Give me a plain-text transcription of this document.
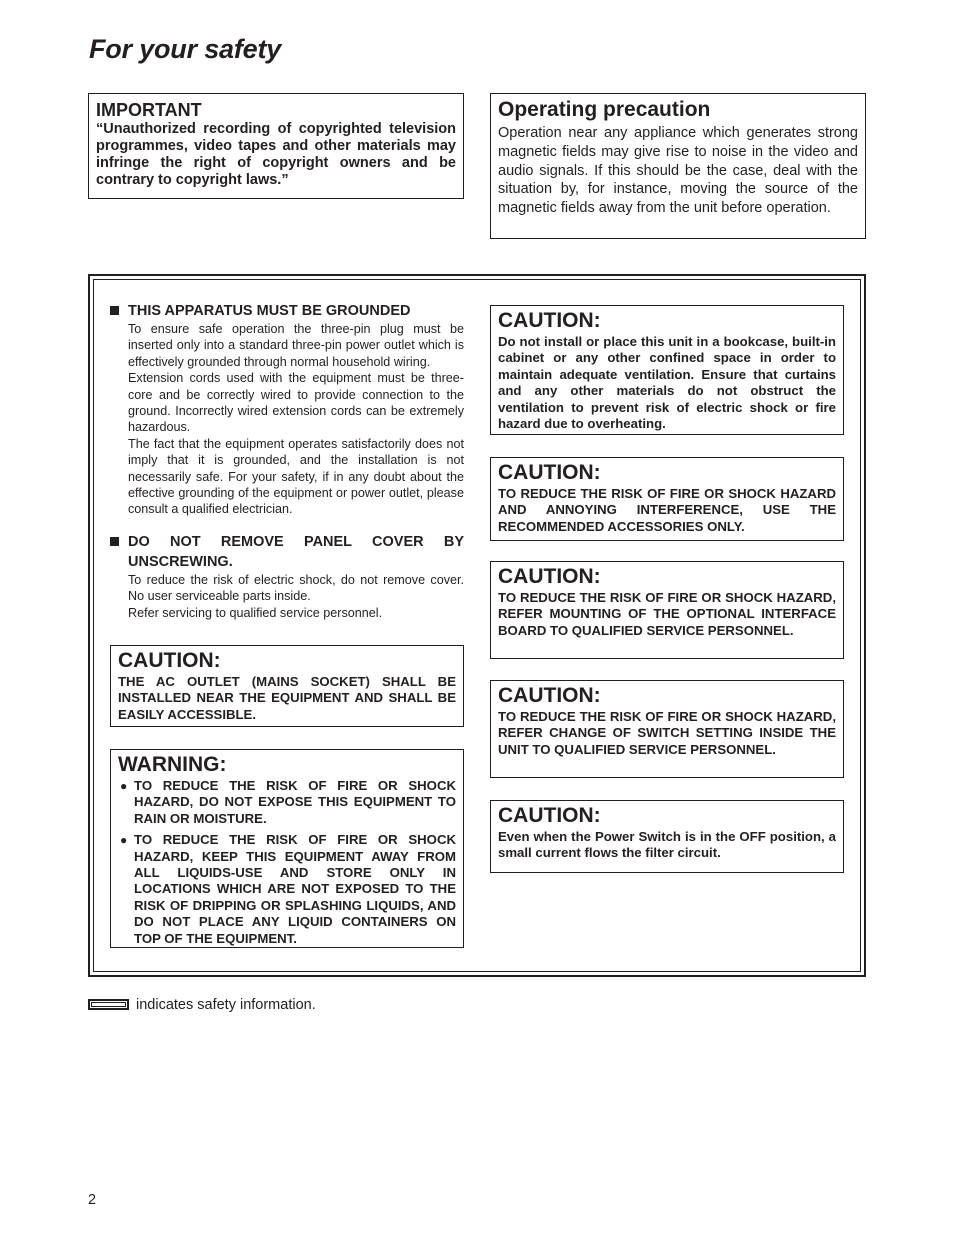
For your safety
IMPORTANT
“Unauthorized recording of copyrighted television programmes, video tapes and other materials may infringe the right of copyright owners and be contrary to copyright laws.”
Operating precaution
Operation near any appliance which generates strong magnetic fields may give rise to noise in the video and audio signals. If this should be the case, deal with the situation by, for instance, moving the source of the magnetic fields away from the unit before operation.
THIS APPARATUS MUST BE GROUNDED
To ensure safe operation the three-pin plug must be inserted only into a standard three-pin power outlet which is effectively grounded through normal household wiring.
Extension cords used with the equipment must be three-core and be correctly wired to provide connection to the ground. Incorrectly wired extension cords can be extremely hazardous.
The fact that the equipment operates satisfactorily does not imply that it is grounded, and the installation is not necessarily safe. For your safety, if in any doubt about the effective grounding of the equipment or power outlet, please consult a qualified electrician.
DO NOT REMOVE PANEL COVER BY UNSCREWING.
To reduce the risk of electric shock, do not remove cover. No user serviceable parts inside.
Refer servicing to qualified service personnel.
CAUTION:
THE AC OUTLET (MAINS SOCKET) SHALL BE INSTALLED NEAR THE EQUIPMENT AND SHALL BE EASILY ACCESSIBLE.
WARNING:
● TO REDUCE THE RISK OF FIRE OR SHOCK HAZARD, DO NOT EXPOSE THIS EQUIPMENT TO RAIN OR MOISTURE.
● TO REDUCE THE RISK OF FIRE OR SHOCK HAZARD, KEEP THIS EQUIPMENT AWAY FROM ALL LIQUIDS-USE AND STORE ONLY IN LOCATIONS WHICH ARE NOT EXPOSED TO THE RISK OF DRIPPING OR SPLASHING LIQUIDS, AND DO NOT PLACE ANY LIQUID CONTAINERS ON TOP OF THE EQUIPMENT.
CAUTION:
Do not install or place this unit in a bookcase, built-in cabinet or any other confined space in order to maintain adequate ventilation. Ensure that curtains and any other materials do not obstruct the ventilation to prevent risk of electric shock or fire hazard due to overheating.
CAUTION:
TO REDUCE THE RISK OF FIRE OR SHOCK HAZARD AND ANNOYING INTERFERENCE, USE THE RECOMMENDED ACCESSORIES ONLY.
CAUTION:
TO REDUCE THE RISK OF FIRE OR SHOCK HAZARD, REFER MOUNTING OF THE OPTIONAL INTERFACE BOARD TO QUALIFIED SERVICE PERSONNEL.
CAUTION:
TO REDUCE THE RISK OF FIRE OR SHOCK HAZARD, REFER CHANGE OF SWITCH SETTING INSIDE THE UNIT TO QUALIFIED SERVICE PERSONNEL.
CAUTION:
Even when the Power Switch is in the OFF position, a small current flows the filter circuit.
indicates safety information.
2
